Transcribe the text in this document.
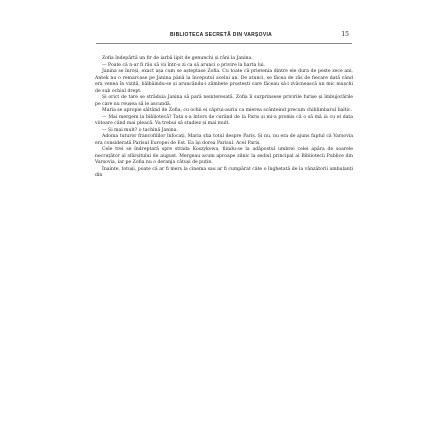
BIBLIOTECA SECRETĂ DIN VARȘOVIA	15

Zofia îndepărtă un fir de iarbă lipit de genunchi și râni la Janina.

— Poate că n-ar fi rău să vii într-o zi ca să arunci o privire la harta lui.

Janina se înroși, exact așa cum se așteptase Zofia. Cu toate că prietenia dintre ele dura de peste zece ani, Antek nu o remarcase pe Janina până la începutul acelui an. De atunci, se făcea de râs de fiecare dată când era venea în vizită, bâlbâindu-se și aruncându-i zâmbete prostești care făceau să-i zvâcnească un mic mușchi de sub ochiul drept.

Și orict de tare se străduia Janina să pară neinteresată, Zofia îi surprinsese privirile furișe și îmbujorările pe care nu reușea să le ascundă.

Maria se apropie sâltând de Zofia, cu ochii ei căprui-auriu ca mierea scânteind precum chihlimbarul baltic.

— Mai mergem la bibliotecă? Tata s-a întors de curând de la Paris și mi-a promis că o să mă ia cu el data viitoare când mai pleacă. Va trebui să studiez și mai mult.

— Și mai mult? o tachină Janina.

Adoma tuturor francofililor înfocați, Maria știa totul despre Paris. Și nu, nu era de ajuns faptul că Varșovia era considerată Parisul Europei de Est. Ea își dorea Parisul. Acel Paris.

Cele trei se îndreptară spre strada Koszykowa, fiindu-se la adăpostul umbrei celei apăra de soarele necruțător al sfârșitului de august. Mergeau acum aproape zilnic la sediul principal al Bibliotecii Publice din Varșovia, iar pe Zofia nu o deranja câtuși de puțin.

Înainte, totuși, poate că ar fi mers la cinema sau ar fi cumpărat câte o înghețată de la vânzătorii ambulanți din
